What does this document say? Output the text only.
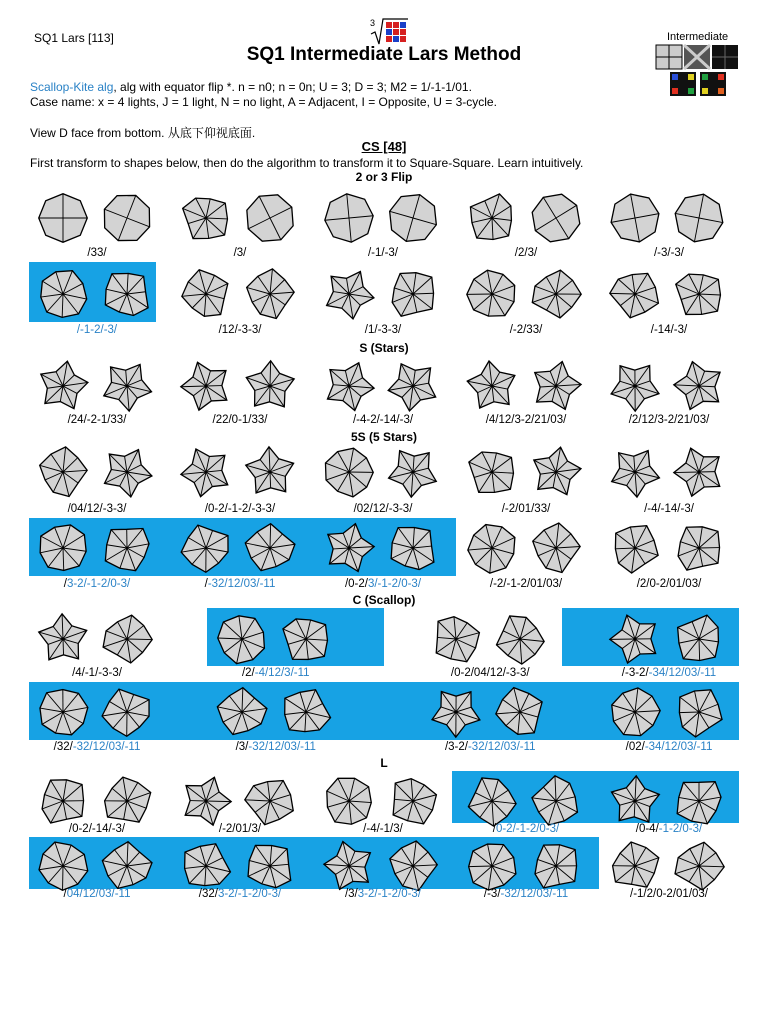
SQ1 Lars [113]	Intermediate
SQ1 Intermediate Lars Method
3
Scallop-Kite alg, alg with equator flip *. n = n0; n = 0n; U = 3; D = 3; M2 = 1/-1-1/01.
Case name: x = 4 lights, J = 1 light, N = no light, A = Adjacent, I = Opposite, U = 3-cycle.
View D face from bottom. 从底下仰视底面.
CS [48]
First transform to shapes below, then do the algorithm to transform it to Square-Square. Learn intuitively.
2 or 3 Flip
S (Stars)
5S (5 Stars)
C (Scallop)
L
/33/	/3/	/-1/-3/	/2/3/	/-3/-3/
/-1-2/-3/	/12/-3-3/	/1/-3-3/	/-2/33/	/-14/-3/
/24/-2-1/33/	/22/0-1/33/	/-4-2/-14/-3/	/4/12/3-2/21/03/	/2/12/3-2/21/03/
/04/12/-3-3/	/0-2/-1-2/-3-3/	/02/12/-3-3/	/-2/01/33/	/-4/-14/-3/
/3-2/-1-2/0-3/	/-32/12/03/-11	/0-2/3/-1-2/0-3/	/-2/-1-2/01/03/	/2/0-2/01/03/
/4/-1/-3-3/	/2/-4/12/3/-11	/0-2/04/12/-3-3/	/-3-2/-34/12/03/-11
/32/-32/12/03/-11	/3/-32/12/03/-11	/3-2/-32/12/03/-11	/02/-34/12/03/-11
/0-2/-14/-3/	/-2/01/3/	/-4/-1/3/	/0-2/-1-2/0-3/	/0-4/-1-2/0-3/
/04/12/03/-11	/32/3-2/-1-2/0-3/	/3/3-2/-1-2/0-3/	/-3/-32/12/03/-11	/-1/2/0-2/01/03/
